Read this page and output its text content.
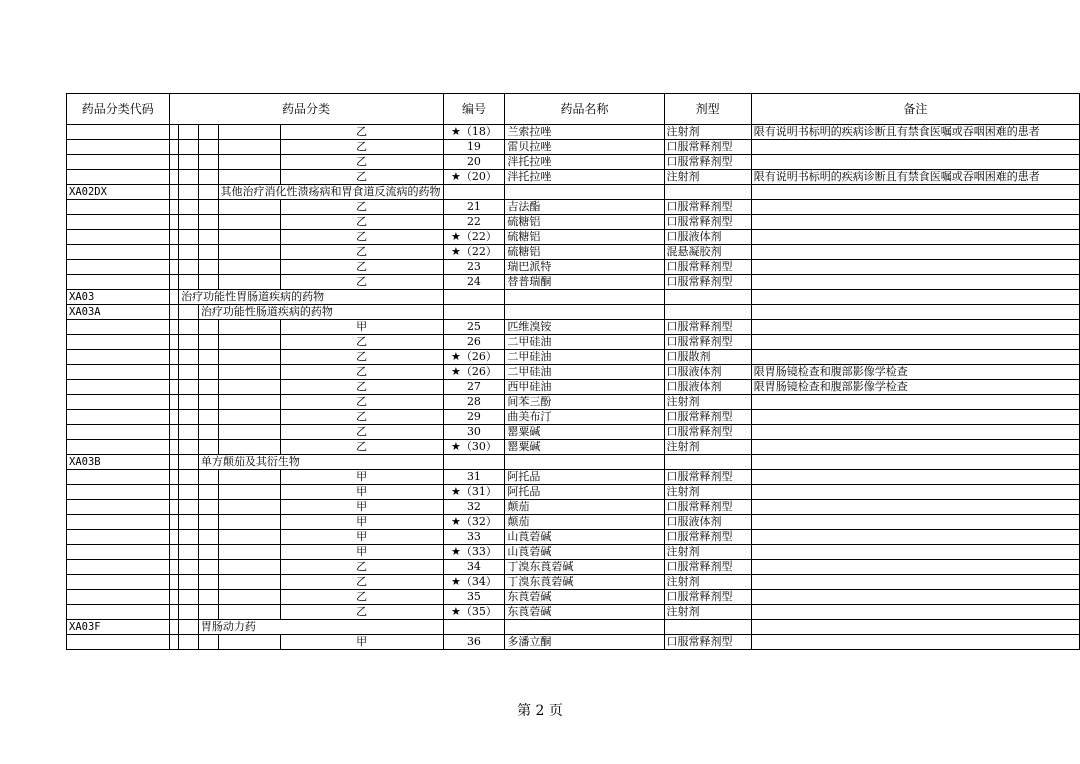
药品分类代码	药品分类					编号	药品名称	剂型	备注
					乙	★（18）	兰索拉唑	注射剂	限有说明书标明的疾病诊断且有禁食医嘱或吞咽困难的患者
					乙	19	雷贝拉唑	口服常释剂型	
					乙	20	泮托拉唑	口服常释剂型	
					乙	★（20）	泮托拉唑	注射剂	限有说明书标明的疾病诊断且有禁食医嘱或吞咽困难的患者
XA02DX				其他治疗消化性溃疡病和胃食道反流病的药物					
					乙	21	吉法酯	口服常释剂型	
					乙	22	硫糖铝	口服常释剂型	
					乙	★（22）	硫糖铝	口服液体剂	
					乙	★（22）	硫糖铝	混悬凝胶剂	
					乙	23	瑞巴派特	口服常释剂型	
					乙	24	替普瑞酮	口服常释剂型	
XA03		治疗功能性胃肠道疾病的药物							
XA03A			治疗功能性肠道疾病的药物						
					甲	25	匹维溴铵	口服常释剂型	
					乙	26	二甲硅油	口服常释剂型	
					乙	★（26）	二甲硅油	口服散剂	
					乙	★（26）	二甲硅油	口服液体剂	限胃肠镜检查和腹部影像学检查
					乙	27	西甲硅油	口服液体剂	限胃肠镜检查和腹部影像学检查
					乙	28	间苯三酚	注射剂	
					乙	29	曲美布汀	口服常释剂型	
					乙	30	罂粟碱	口服常释剂型	
					乙	★（30）	罂粟碱	注射剂	
XA03B			单方颠茄及其衍生物						
					甲	31	阿托品	口服常释剂型	
					甲	★（31）	阿托品	注射剂	
					甲	32	颠茄	口服常释剂型	
					甲	★（32）	颠茄	口服液体剂	
					甲	33	山莨菪碱	口服常释剂型	
					甲	★（33）	山莨菪碱	注射剂	
					乙	34	丁溴东莨菪碱	口服常释剂型	
					乙	★（34）	丁溴东莨菪碱	注射剂	
					乙	35	东莨菪碱	口服常释剂型	
					乙	★（35）	东莨菪碱	注射剂	
XA03F			胃肠动力药						
					甲	36	多潘立酮	口服常释剂型	
第 2 页
